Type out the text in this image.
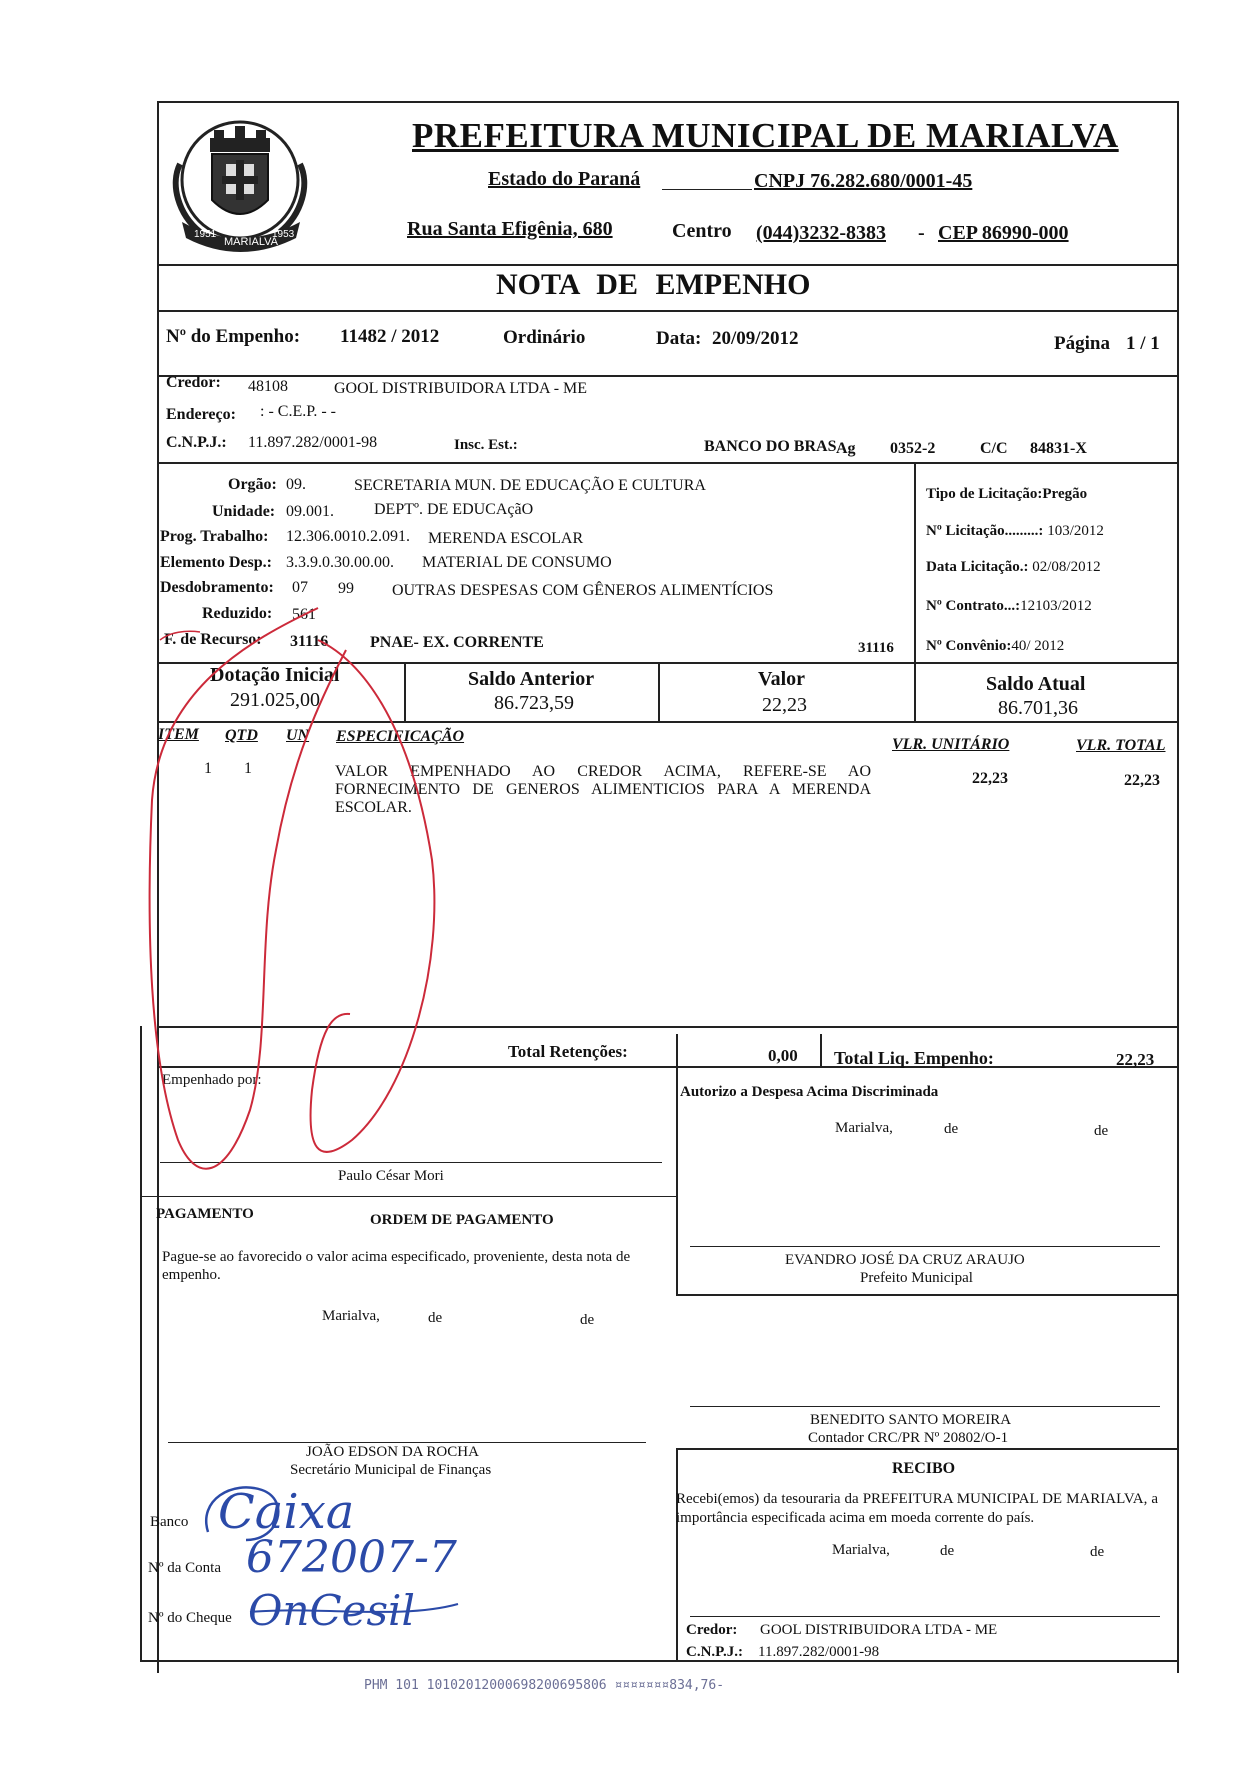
1951
MARIALVA
1953
PREFEITURA MUNICIPAL DE MARIALVA
Estado do Paraná	CNPJ 76.282.680/0001-45
Rua Santa Efigênia, 680	Centro (044)3232-8383 - CEP 86990-000
NOTA DE EMPENHO
Nº do Empenho: 11482 / 2012	Ordinário	Data: 20/09/2012	Página 1 / 1
Credor: 48108	GOOL DISTRIBUIDORA LTDA - ME
Endereço: : - C.E.P. - -
C.N.P.J.: 11.897.282/0001-98	Insc. Est.:	BANCO DO BRAS Ag 0352-2	C/C 84831-X
Orgão: 09.	SECRETARIA MUN. DE EDUCAÇÃO E CULTURA
Unidade: 09.001.	DEPTº. DE EDUCAçãO
Prog. Trabalho: 12.306.0010.2.091. MERENDA ESCOLAR
Elemento Desp.: 3.3.9.0.30.00.00. MATERIAL DE CONSUMO
Desdobramento: 07 99 OUTRAS DESPESAS COM GÊNEROS ALIMENTÍCIOS
Reduzido: 561
F. de Recurso: 31116	PNAE- EX. CORRENTE	31116
Tipo de Licitação:Pregão
Nº Licitação.........: 103/2012
Data Licitação.: 02/08/2012
Nº Contrato...:12103/2012
Nº Convênio:40/ 2012
Dotação Inicial
291.025,00
Saldo Anterior
86.723,59
Valor
22,23
Saldo Atual
86.701,36
ITEM QTD UN ESPECIFICAÇÃO	VLR. UNITÁRIO	VLR. TOTAL
1 1	VALOR EMPENHADO AO CREDOR ACIMA, REFERE-SE AO FORNECIMENTO DE GENEROS ALIMENTICIOS PARA A MERENDA ESCOLAR.
22,23	22,23
Total Retenções:	0,00 Total Liq. Empenho:	22,23
Empenhado por:
Paulo César Mori
Autorizo a Despesa Acima Discriminada
Marialva,	de	de
EVANDRO JOSÉ DA CRUZ ARAUJO
Prefeito Municipal
BENEDITO SANTO MOREIRA
Contador CRC/PR Nº 20802/O-1
JOÃO EDSON DA ROCHA
Secretário Municipal de Finanças
PAGAMENTO	ORDEM DE PAGAMENTO
Pague-se ao favorecido o valor acima especificado, proveniente, desta nota de empenho.
Marialva,	de	de
Banco
Nº da Conta
Nº do Cheque
Caixa
672007-7
OnCesil
RECIBO
Recebi(emos) da tesouraria da PREFEITURA MUNICIPAL DE MARIALVA, a importância especificada acima em moeda corrente do país.
Marialva,	de	de
Credor: GOOL DISTRIBUIDORA LTDA - ME
C.N.P.J.: 11.897.282/0001-98
PHM 101 10102012000698200695806 ¤¤¤¤¤¤¤834,76-
